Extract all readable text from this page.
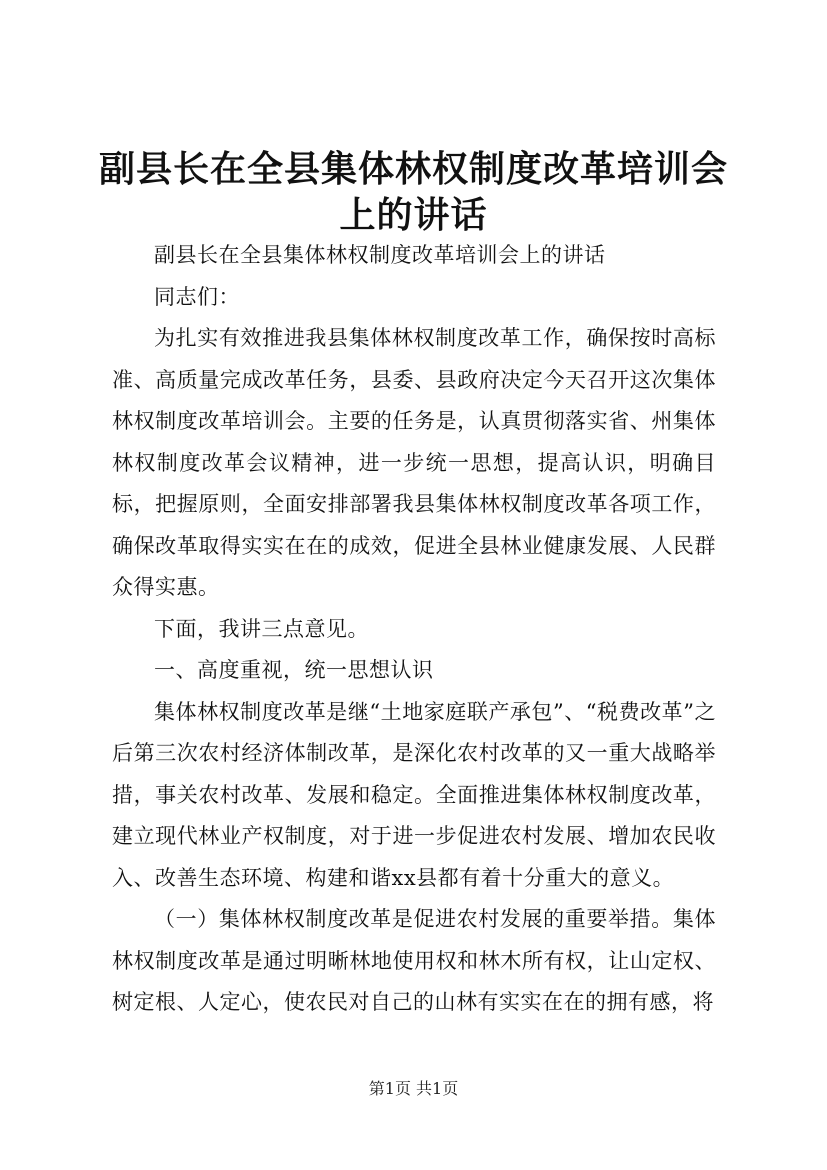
副县长在全县集体林权制度改革培训会上的讲话

副县长在全县集体林权制度改革培训会上的讲话

同志们：

为扎实有效推进我县集体林权制度改革工作，确保按时高标准、高质量完成改革任务，县委、县政府决定今天召开这次集体林权制度改革培训会。主要的任务是，认真贯彻落实省、州集体林权制度改革会议精神，进一步统一思想，提高认识，明确目标，把握原则，全面安排部署我县集体林权制度改革各项工作，确保改革取得实实在在的成效，促进全县林业健康发展、人民群众得实惠。

下面，我讲三点意见。

一、高度重视，统一思想认识

集体林权制度改革是继“土地家庭联产承包”、“税费改革”之后第三次农村经济体制改革，是深化农村改革的又一重大战略举措，事关农村改革、发展和稳定。全面推进集体林权制度改革，建立现代林业产权制度，对于进一步促进农村发展、增加农民收入、改善生态环境、构建和谐xx县都有着十分重大的意义。

（一）集体林权制度改革是促进农村发展的重要举措。集体林权制度改革是通过明晰林地使用权和林木所有权，让山定权、树定根、人定心，使农民对自己的山林有实实在在的拥有感，将

第1页 共1页
